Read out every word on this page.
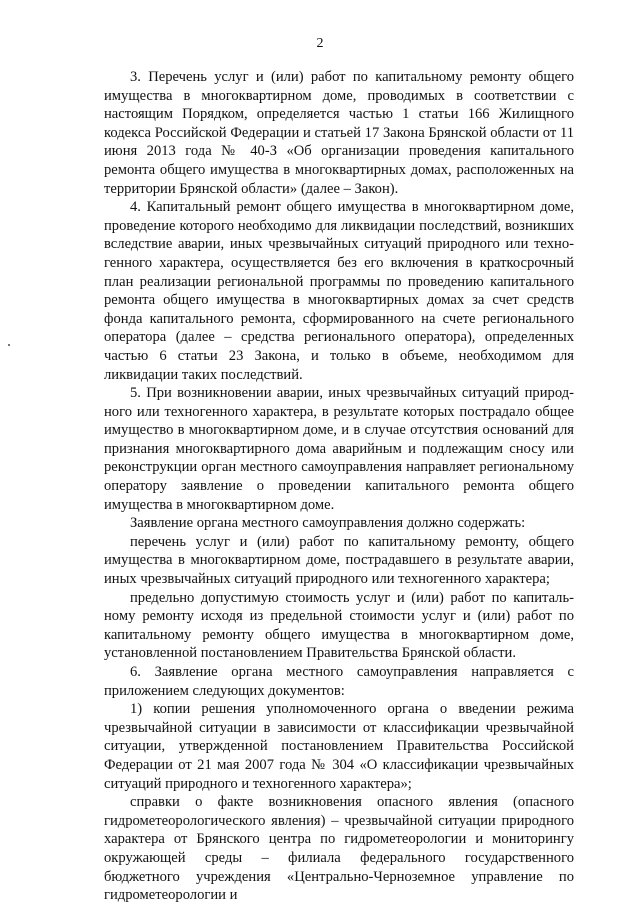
2

3. Перечень услуг и (или) работ по капитальному ремонту общего имущества в многоквартирном доме, проводимых в соответствии с настоящим Порядком, определяется частью 1 статьи 166 Жилищного кодекса Российской Федерации и статьей 17 Закона Брянской области от 11 июня 2013 года № 40-З «Об организации проведения капитального ремонта общего имущества в многоквартирных домах, расположенных на территории Брянской области» (далее – Закон).

4. Капитальный ремонт общего имущества в многоквартирном доме, проведение которого необходимо для ликвидации последствий, возникших вследствие аварии, иных чрезвычайных ситуаций природного или техногенного характера, осуществляется без его включения в краткосрочный план реализации региональной программы по проведению капитального ремонта общего имущества в многоквартирных домах за счет средств фонда капитального ремонта, сформированного на счете регионального оператора (далее – средства регионального оператора), определенных частью 6 статьи 23 Закона, и только в объеме, необходимом для ликвидации таких последствий.

5. При возникновении аварии, иных чрезвычайных ситуаций природного или техногенного характера, в результате которых пострадало общее имущество в многоквартирном доме, и в случае отсутствия оснований для признания многоквартирного дома аварийным и подлежащим сносу или реконструкции орган местного самоуправления направляет региональному оператору заявление о проведении капитального ремонта общего имущества в многоквартирном доме.

Заявление органа местного самоуправления должно содержать:

перечень услуг и (или) работ по капитальному ремонту, общего имущества в многоквартирном доме, пострадавшего в результате аварии, иных чрезвычайных ситуаций природного или техногенного характера;

предельно допустимую стоимость услуг и (или) работ по капитальному ремонту исходя из предельной стоимости услуг и (или) работ по капитальному ремонту общего имущества в многоквартирном доме, установленной постановлением Правительства Брянской области.

6. Заявление органа местного самоуправления направляется с приложением следующих документов:

1) копии решения уполномоченного органа о введении режима чрезвычайной ситуации в зависимости от классификации чрезвычайной ситуации, утвержденной постановлением Правительства Российской Федерации от 21 мая 2007 года № 304 «О классификации чрезвычайных ситуаций природного и техногенного характера»;

справки о факте возникновения опасного явления (опасного гидрометеорологического явления) – чрезвычайной ситуации природного характера от Брянского центра по гидрометеорологии и мониторингу окружающей среды – филиала федерального государственного бюджетного учреждения «Центрально-Черноземное управление по гидрометеорологии и
